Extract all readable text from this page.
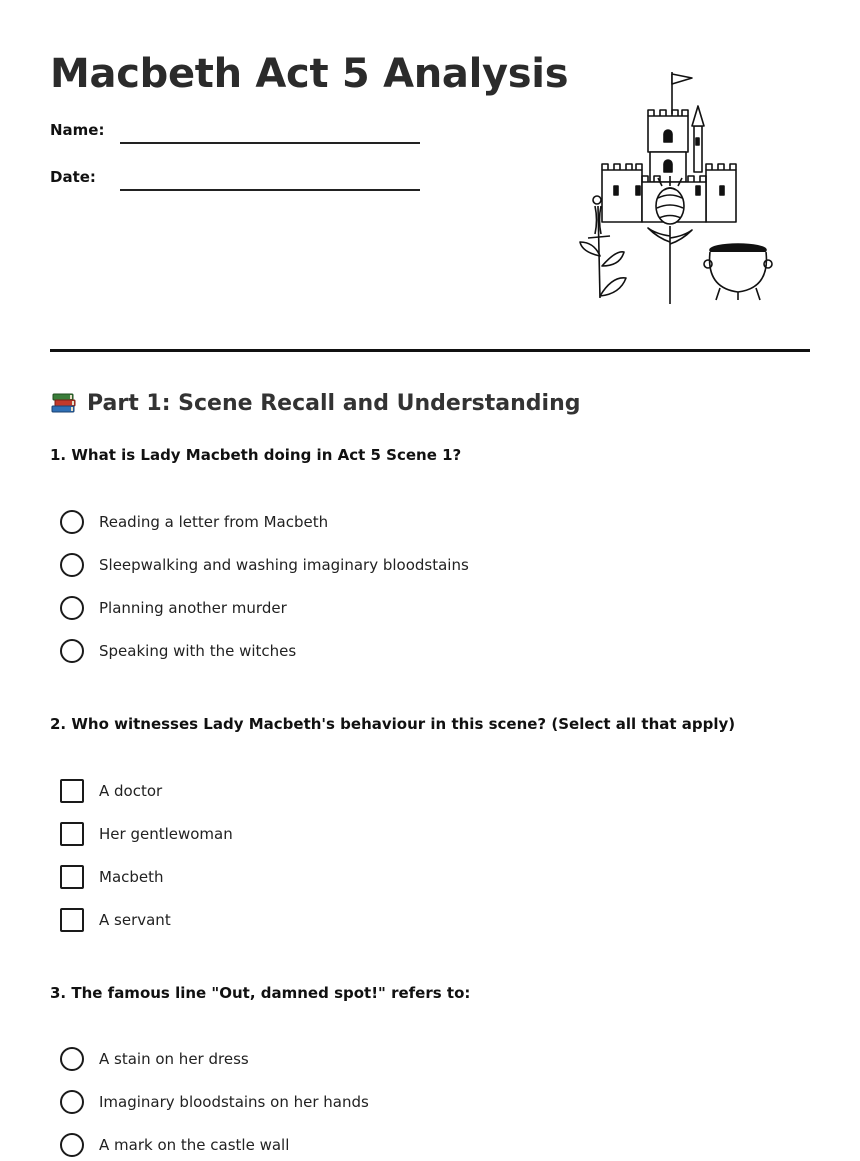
Macbeth Act 5 Analysis
Name:
Date:
Part 1: Scene Recall and Understanding
1. What is Lady Macbeth doing in Act 5 Scene 1?
Reading a letter from Macbeth
Sleepwalking and washing imaginary bloodstains
Planning another murder
Speaking with the witches
2. Who witnesses Lady Macbeth's behaviour in this scene? (Select all that apply)
A doctor
Her gentlewoman
Macbeth
A servant
3. The famous line "Out, damned spot!" refers to:
A stain on her dress
Imaginary bloodstains on her hands
A mark on the castle wall
